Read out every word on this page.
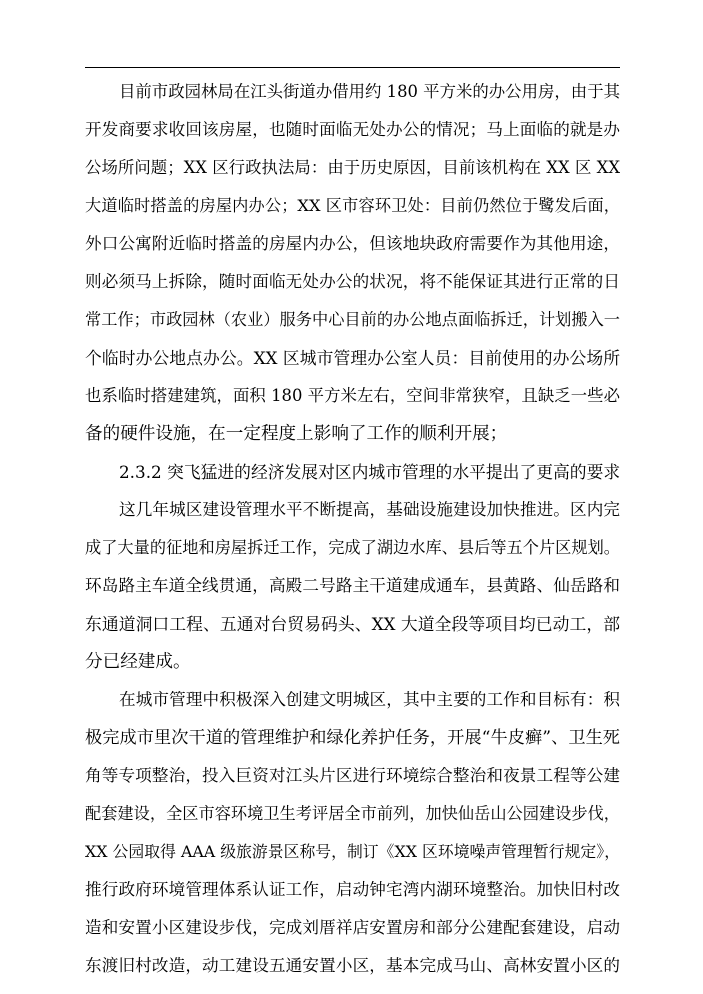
目前市政园林局在江头街道办借用约 180 平方米的办公用房，由于其
开发商要求收回该房屋，也随时面临无处办公的情况；马上面临的就是办
公场所问题；XX 区行政执法局：由于历史原因，目前该机构在 XX 区 XX
大道临时搭盖的房屋内办公；XX 区市容环卫处：目前仍然位于鹭发后面，
外口公寓附近临时搭盖的房屋内办公，但该地块政府需要作为其他用途，
则必须马上拆除，随时面临无处办公的状况，将不能保证其进行正常的日
常工作；市政园林（农业）服务中心目前的办公地点面临拆迁，计划搬入一
个临时办公地点办公。XX 区城市管理办公室人员：目前使用的办公场所
也系临时搭建建筑，面积 180 平方米左右，空间非常狭窄，且缺乏一些必
备的硬件设施，在一定程度上影响了工作的顺利开展；
2.3.2 突飞猛进的经济发展对区内城市管理的水平提出了更高的要求
这几年城区建设管理水平不断提高，基础设施建设加快推进。区内完
成了大量的征地和房屋拆迁工作，完成了湖边水库、县后等五个片区规划。
环岛路主车道全线贯通，高殿二号路主干道建成通车，县黄路、仙岳路和
东通道洞口工程、五通对台贸易码头、XX 大道全段等项目均已动工，部
分已经建成。
在城市管理中积极深入创建文明城区，其中主要的工作和目标有：积
极完成市里次干道的管理维护和绿化养护任务，开展“牛皮癣”、卫生死
角等专项整治，投入巨资对江头片区进行环境综合整治和夜景工程等公建
配套建设，全区市容环境卫生考评居全市前列，加快仙岳山公园建设步伐，
XX 公园取得 AAA 级旅游景区称号，制订《XX 区环境噪声管理暂行规定》，
推行政府环境管理体系认证工作，启动钟宅湾内湖环境整治。加快旧村改
造和安置小区建设步伐，完成刘厝祥店安置房和部分公建配套建设，启动
东渡旧村改造，动工建设五通安置小区，基本完成马山、高林安置小区的
